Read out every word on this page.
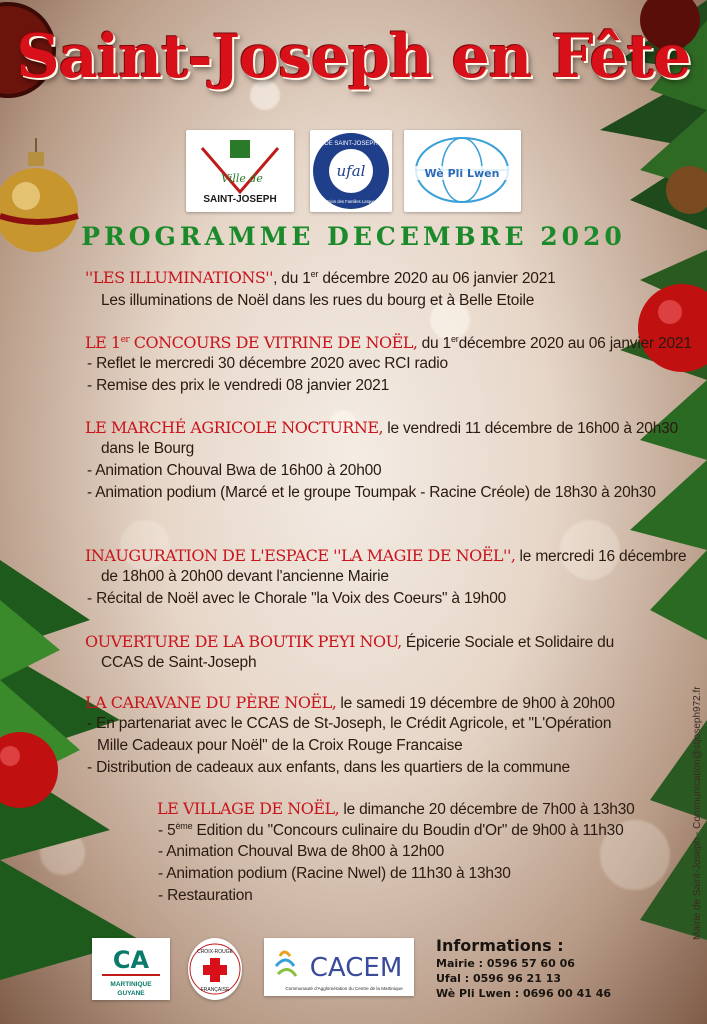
Saint-Joseph en Fête
Ville de
SAINT-JOSEPH
DE SAINT-JOSEPH
ufal
Union des Familles Laïques
Wè Pli Lwen
PROGRAMME DECEMBRE 2020
''LES ILLUMINATIONS'', du 1er décembre 2020 au 06 janvier 2021
Les illuminations de Noël dans les rues du bourg et à Belle Etoile
LE 1er CONCOURS DE VITRINE DE NOËL, du 1erdécembre 2020 au 06 janvier 2021
- Reflet le mercredi 30 décembre 2020 avec RCI radio
- Remise des prix le vendredi 08 janvier 2021
LE MARCHÉ AGRICOLE NOCTURNE, le vendredi 11 décembre de 16h00 à 20h30
dans le Bourg
- Animation Chouval Bwa de 16h00 à 20h00
- Animation podium (Marcé et le groupe Toumpak - Racine Créole) de 18h30 à 20h30
INAUGURATION DE L'ESPACE ''LA MAGIE DE NOËL'', le mercredi 16 décembre
de 18h00 à 20h00 devant l'ancienne Mairie
- Récital de Noël avec le Chorale "la Voix des Coeurs" à 19h00
OUVERTURE DE LA BOUTIK PEYI NOU, Épicerie Sociale et Solidaire du
CCAS de Saint-Joseph
LA CARAVANE DU PÈRE NOËL, le samedi 19 décembre de 9h00 à 20h00
- En partenariat avec le CCAS de St-Joseph, le Crédit Agricole, et "L'Opération
Mille Cadeaux pour Noël" de la Croix Rouge Francaise
- Distribution de cadeaux aux enfants, dans les quartiers de la commune
LE VILLAGE DE NOËL, le dimanche 20 décembre de 7h00 à 13h30
- 5ème Edition du "Concours culinaire du Boudin d'Or" de 9h00 à 11h30
- Animation Chouval Bwa de 8h00 à 12h00
- Animation podium (Racine Nwel) de 11h30 à 13h30
- Restauration	Mairie de Saint-Joseph - Communication@stjoseph972.fr
CA
MARTINIQUE
GUYANE
CROIX-ROUGE
FRANÇAISE
CACEM
Communauté d'Agglomération du Centre de la Martinique
Informations :
Mairie : 0596 57 60 06
Ufal : 0596 96 21 13
Wè Pli Lwen : 0696 00 41 46
